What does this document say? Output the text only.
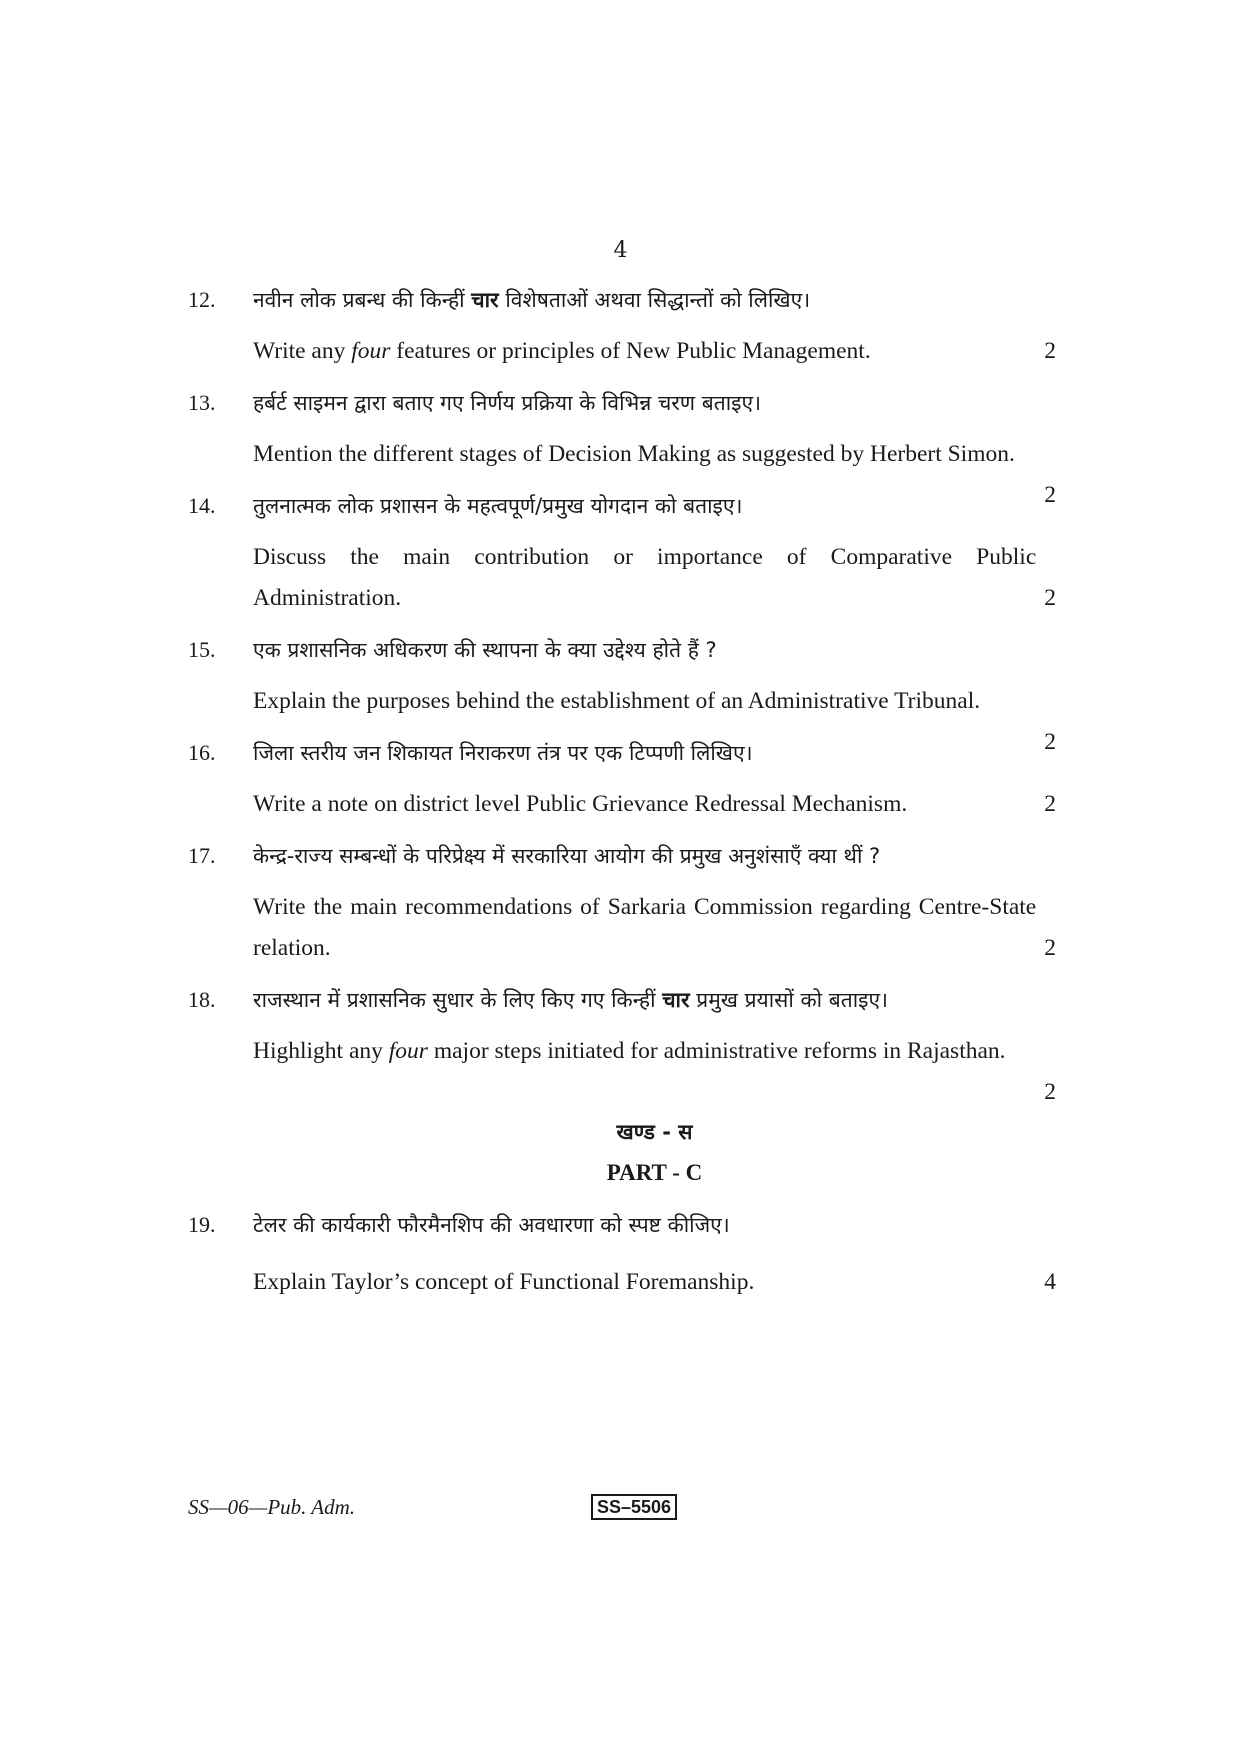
4
12. नवीन लोक प्रबन्ध की किन्हीं चार विशेषताओं अथवा सिद्धान्तों को लिखिए।
2
Write any four features or principles of New Public Management.
13. हर्बर्ट साइमन द्वारा बताए गए निर्णय प्रक्रिया के विभिन्न चरण बताइए।
2
Mention the different stages of Decision Making as suggested by Herbert Simon.
14. तुलनात्मक लोक प्रशासन के महत्वपूर्ण/प्रमुख योगदान को बताइए।
2
Discuss the main contribution or importance of Comparative Public Administration.
15. एक प्रशासनिक अधिकरण की स्थापना के क्या उद्देश्य होते हैं ?
2
Explain the purposes behind the establishment of an Administrative Tribunal.
16. जिला स्तरीय जन शिकायत निराकरण तंत्र पर एक टिप्पणी लिखिए।
2
Write a note on district level Public Grievance Redressal Mechanism.
17. केन्द्र-राज्य सम्बन्धों के परिप्रेक्ष्य में सरकारिया आयोग की प्रमुख अनुशंसाएँ क्या थीं ?
2
Write the main recommendations of Sarkaria Commission regarding Centre-State relation.
18. राजस्थान में प्रशासनिक सुधार के लिए किए गए किन्हीं चार प्रमुख प्रयासों को बताइए।
2
Highlight any four major steps initiated for administrative reforms in Rajasthan.
खण्ड - स
PART - C
19. टेलर की कार्यकारी फौरमैनशिप की अवधारणा को स्पष्ट कीजिए।
4
Explain Taylor’s concept of Functional Foremanship.
SS—06—Pub. Adm.	SS–5506
